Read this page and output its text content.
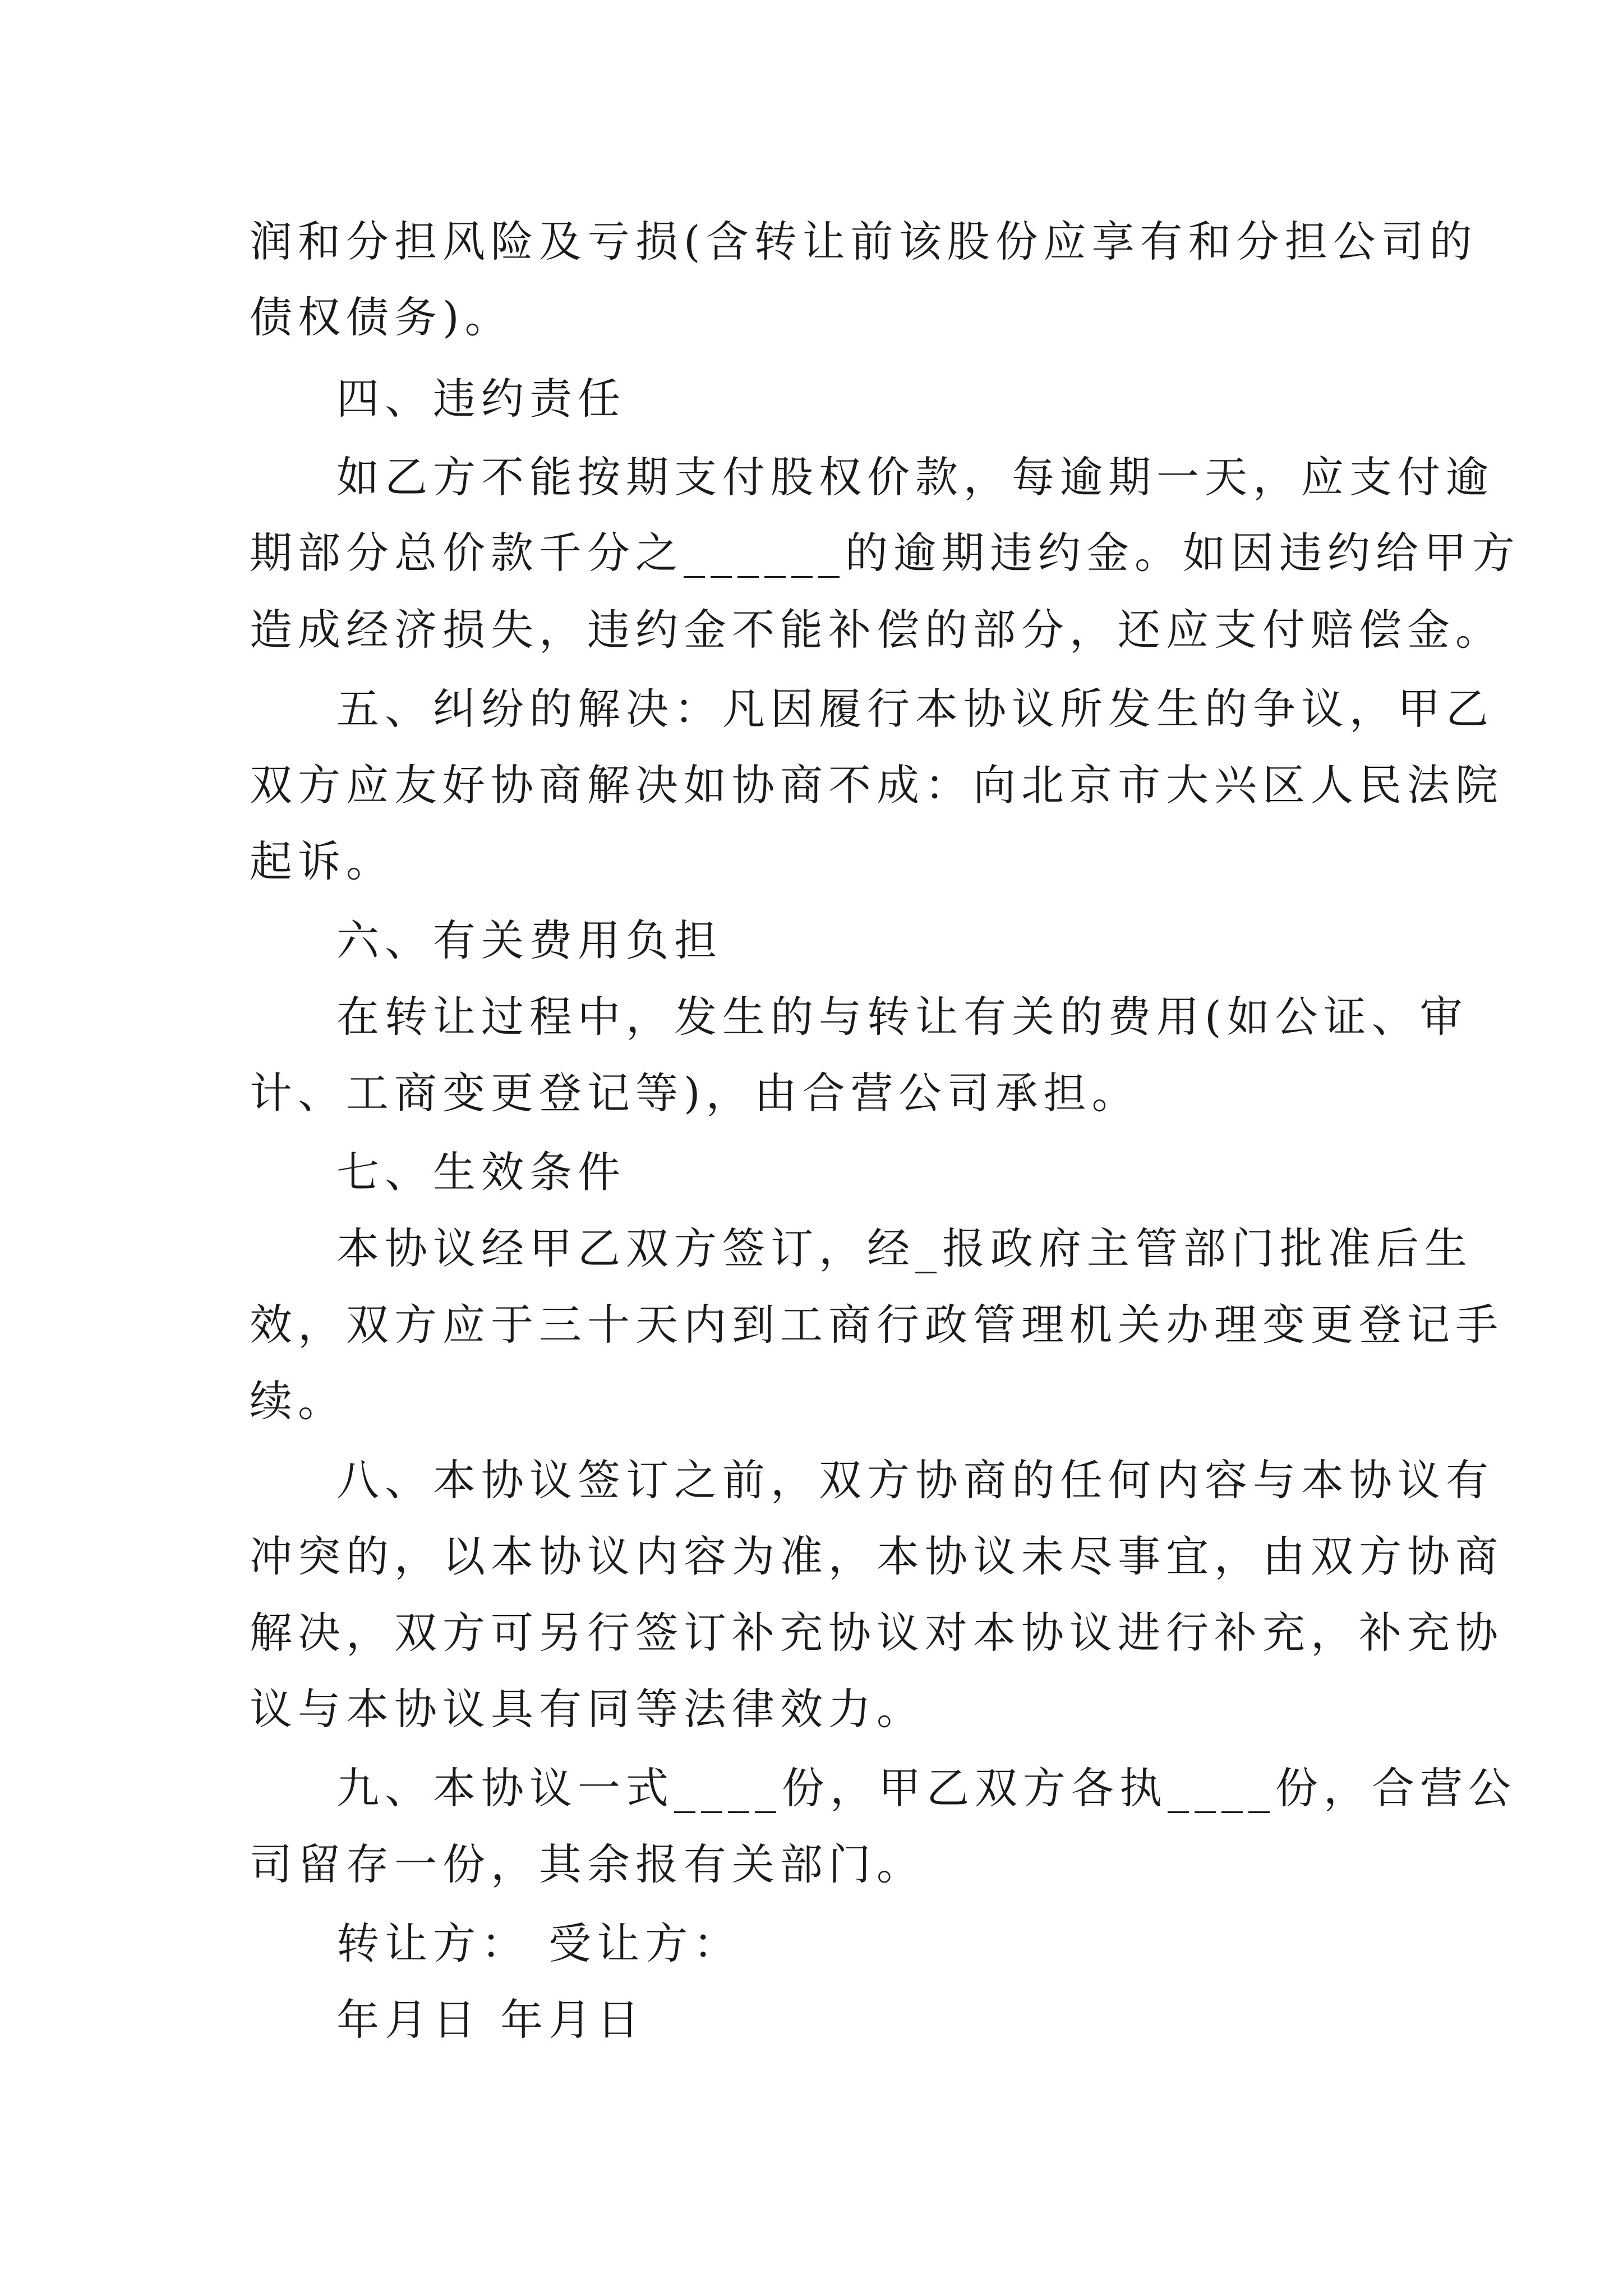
润和分担风险及亏损(含转让前该股份应享有和分担公司的
债权债务)。
四、违约责任
如乙方不能按期支付股权价款，每逾期一天，应支付逾
期部分总价款千分之______的逾期违约金。如因违约给甲方
造成经济损失，违约金不能补偿的部分，还应支付赔偿金。
五、纠纷的解决：凡因履行本协议所发生的争议，甲乙
双方应友好协商解决如协商不成：向北京市大兴区人民法院
起诉。
六、有关费用负担
在转让过程中，发生的与转让有关的费用(如公证、审
计、工商变更登记等)，由合营公司承担。
七、生效条件
本协议经甲乙双方签订，经_报政府主管部门批准后生
效，双方应于三十天内到工商行政管理机关办理变更登记手
续。
八、本协议签订之前，双方协商的任何内容与本协议有
冲突的，以本协议内容为准，本协议未尽事宜，由双方协商
解决，双方可另行签订补充协议对本协议进行补充，补充协
议与本协议具有同等法律效力。
九、本协议一式____份，甲乙双方各执____份，合营公
司留存一份，其余报有关部门。
转让方： 受让方：
年月日 年月日
